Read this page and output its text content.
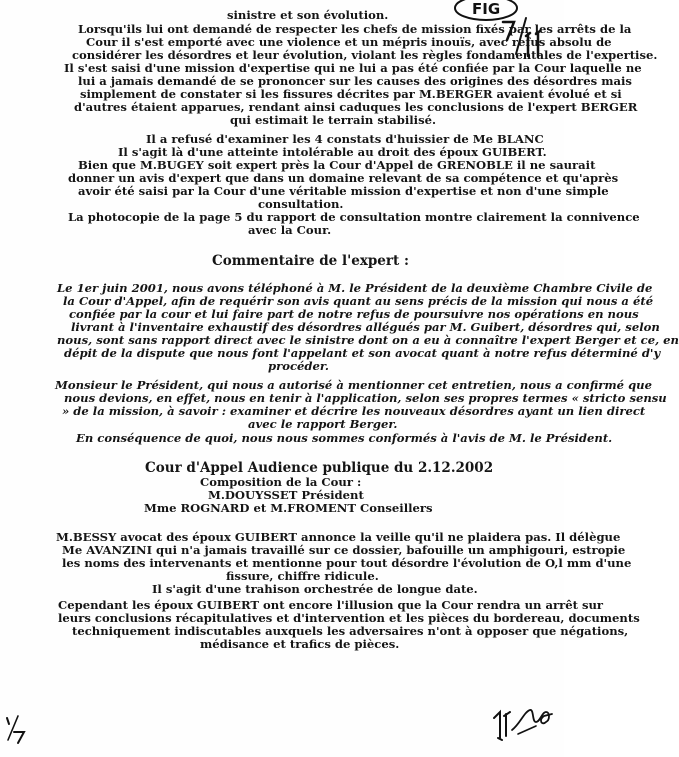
sinistre et son évolution.
Lorsqu'ils lui ont demandé de respecter les chefs de mission fixés par les arrêts de la
Cour il s'est emporté avec une violence et un mépris inouïs, avec refus absolu de
considérer les désordres et leur évolution, violant les règles fondamentales de l'expertise.
Il s'est saisi d'une mission d'expertise qui ne lui a pas été confiée par la Cour laquelle ne
lui a jamais demandé de se prononcer sur les causes des origines des désordres mais
simplement de constater si les fissures décrites par M.BERGER avaient évolué et si
d'autres étaient apparues, rendant ainsi caduques les conclusions de l'expert BERGER
qui estimait le terrain stabilisé.
Il a refusé d'examiner les 4 constats d'huissier de Me BLANC
Il s'agit là d'une atteinte intolérable au droit des époux GUIBERT.
Bien que M.BUGEY soit expert près la Cour d'Appel de GRENOBLE il ne saurait
donner un avis d'expert que dans un domaine relevant de sa compétence et qu'après
avoir été saisi par la Cour d'une véritable mission d'expertise et non d'une simple
consultation.
La photocopie de la page 5 du rapport de consultation montre clairement la connivence
avec la Cour.
Commentaire de l'expert :
Le 1er juin 2001, nous avons téléphoné à M. le Président de la deuxième Chambre Civile de
la Cour d'Appel, afin de requérir son avis quant au sens précis de la mission qui nous a été
confiée par la cour et lui faire part de notre refus de poursuivre nos opérations en nous
livrant à l'inventaire exhaustif des désordres allégués par M. Guibert, désordres qui, selon
nous, sont sans rapport direct avec le sinistre dont on a eu à connaître l'expert Berger et ce, en
dépit de la dispute que nous font l'appelant et son avocat quant à notre refus déterminé d'y
procéder.
Monsieur le Président, qui nous a autorisé à mentionner cet entretien, nous a confirmé que
nous devions, en effet, nous en tenir à l'application, selon ses propres termes « stricto sensu
» de la mission, à savoir : examiner et décrire les nouveaux désordres ayant un lien direct
avec le rapport Berger.
En conséquence de quoi, nous nous sommes conformés à l'avis de M. le Président.
Cour d'Appel Audience publique du 2.12.2002
Composition de la Cour :
M.DOUYSSET Président
Mme ROGNARD et M.FROMENT Conseillers
M.BESSY avocat des époux GUIBERT annonce la veille qu'il ne plaidera pas. Il délègue
Me AVANZINI qui n'a jamais travaillé sur ce dossier, bafouille un amphigouri, estropie
les noms des intervenants et mentionne pour tout désordre l'évolution de O,l mm d'une
fissure, chiffre ridicule.
Il s'agit d'une trahison orchestrée de longue date.
Cependant les époux GUIBERT ont encore l'illusion que la Cour rendra un arrêt sur
leurs conclusions récapitulatives et d'intervention et les pièces du bordereau, documents
techniquement indiscutables auxquels les adversaires n'ont à opposer que négations,
médisance et trafics de pièces.
FIG
